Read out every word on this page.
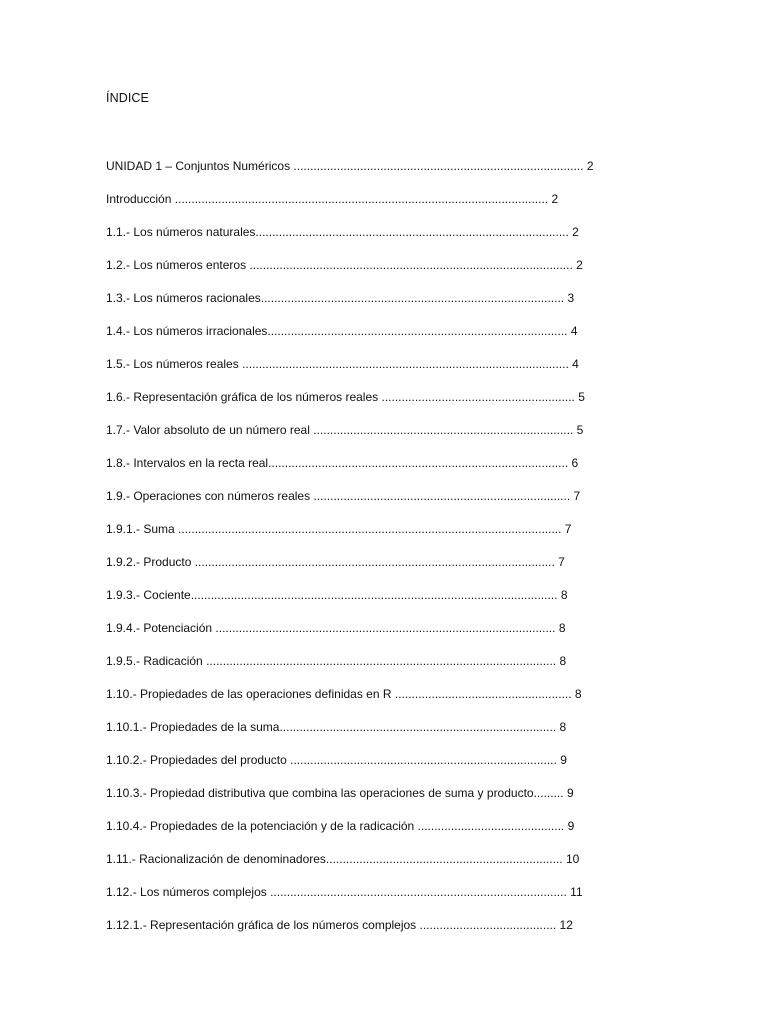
ÍNDICE
UNIDAD 1 – Conjuntos Numéricos ....................................................................................... 2
Introducción ................................................................................................................ 2
1.1.- Los números naturales.............................................................................................. 2
1.2.- Los números enteros ................................................................................................. 2
1.3.- Los números racionales........................................................................................... 3
1.4.- Los números irracionales.......................................................................................... 4
1.5.- Los números reales .................................................................................................. 4
1.6.- Representación gráfica de los números reales .......................................................... 5
1.7.- Valor absoluto de un número real .............................................................................. 5
1.8.- Intervalos en la recta real.......................................................................................... 6
1.9.- Operaciones con números reales ............................................................................. 7
1.9.1.- Suma ................................................................................................................... 7
1.9.2.- Producto ............................................................................................................ 7
1.9.3.- Cociente.............................................................................................................. 8
1.9.4.- Potenciación ...................................................................................................... 8
1.9.5.- Radicación ......................................................................................................... 8
1.10.- Propiedades de las operaciones definidas en R ..................................................... 8
1.10.1.- Propiedades de la suma................................................................................... 8
1.10.2.- Propiedades del producto ................................................................................ 9
1.10.3.- Propiedad distributiva que combina las operaciones de suma y producto......... 9
1.10.4.- Propiedades de la potenciación y de la radicación ............................................ 9
1.11.- Racionalización de denominadores....................................................................... 10
1.12.- Los números complejos ......................................................................................... 11
1.12.1.- Representación gráfica de los números complejos ......................................... 12
